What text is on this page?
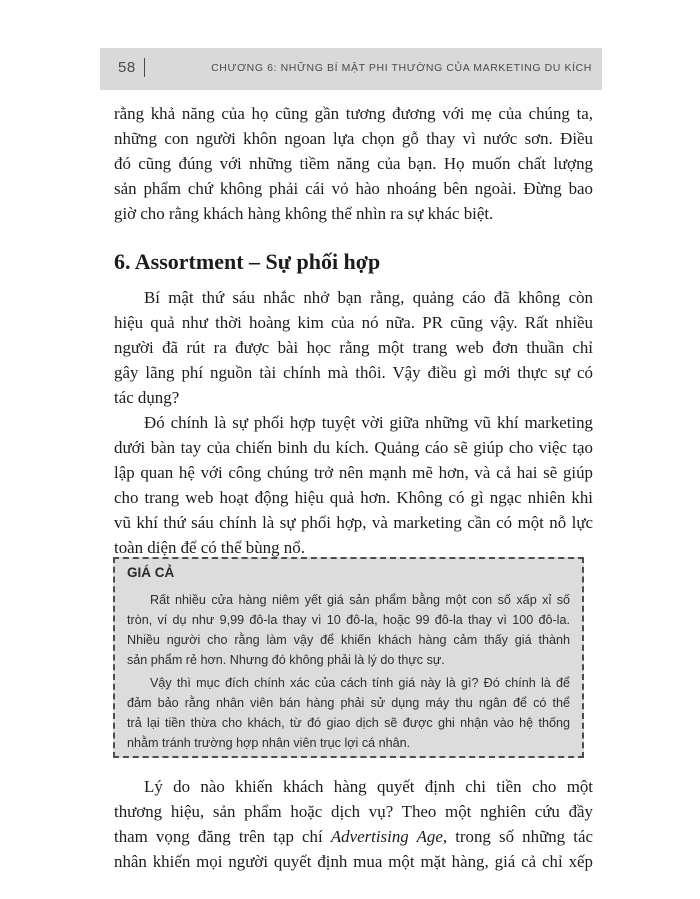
58	CHƯƠNG 6: NHỮNG BÍ MẬT PHI THƯỜNG CỦA MARKETING DU KÍCH
rằng khả năng của họ cũng gần tương đương với mẹ của chúng ta,
những con người khôn ngoan lựa chọn gỗ thay vì nước sơn. Điều
đó cũng đúng với những tiềm năng của bạn. Họ muốn chất lượng
sản phẩm chứ không phải cái vỏ hào nhoáng bên ngoài. Đừng bao
giờ cho rằng khách hàng không thể nhìn ra sự khác biệt.
6. Assortment – Sự phối hợp
Bí mật thứ sáu nhắc nhở bạn rằng, quảng cáo đã không còn
hiệu quả như thời hoàng kim của nó nữa. PR cũng vậy. Rất nhiều
người đã rút ra được bài học rằng một trang web đơn thuần chỉ
gây lãng phí nguồn tài chính mà thôi. Vậy điều gì mới thực sự có
tác dụng?
Đó chính là sự phối hợp tuyệt vời giữa những vũ khí marketing
dưới bàn tay của chiến binh du kích. Quảng cáo sẽ giúp cho việc tạo
lập quan hệ với công chúng trở nên mạnh mẽ hơn, và cả hai sẽ giúp
cho trang web hoạt động hiệu quả hơn. Không có gì ngạc nhiên khi
vũ khí thứ sáu chính là sự phối hợp, và marketing cần có một nỗ lực
toàn diện để có thể bùng nổ.
GIÁ CẢ
Rất nhiều cửa hàng niêm yết giá sản phẩm bằng một con số xấp xỉ số
tròn, ví dụ như 9,99 đô-la thay vì 10 đô-la, hoặc 99 đô-la thay vì 100 đô-la.
Nhiều người cho rằng làm vậy để khiến khách hàng cảm thấy giá thành
sản phẩm rẻ hơn. Nhưng đó không phải là lý do thực sự.
Vậy thì mục đích chính xác của cách tính giá này là gì? Đó chính là để
đảm bảo rằng nhân viên bán hàng phải sử dụng máy thu ngân để có thể
trả lại tiền thừa cho khách, từ đó giao dịch sẽ được ghi nhận vào hệ thống
nhằm tránh trường hợp nhân viên trục lợi cá nhân.
Lý do nào khiến khách hàng quyết định chi tiền cho một
thương hiệu, sản phẩm hoặc dịch vụ? Theo một nghiên cứu đầy
tham vọng đăng trên tạp chí Advertising Age, trong số những tác
nhân khiến mọi người quyết định mua một mặt hàng, giá cả chỉ xếp
